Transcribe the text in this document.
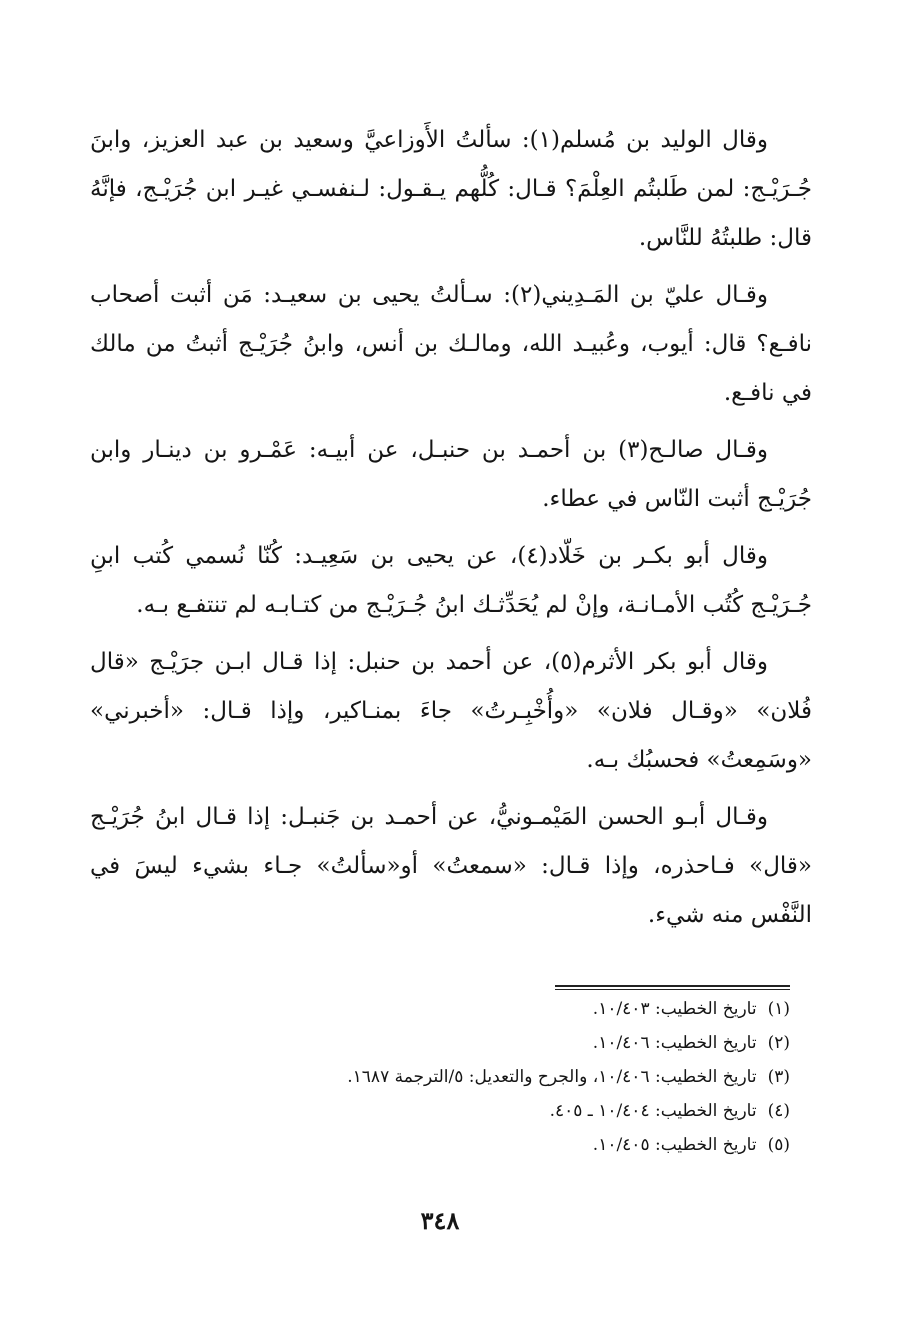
وقال الوليد بن مُسلم(١): سألتُ الأَوزاعيَّ وسعيد بن عبد العزيز، وابنَ جُـرَيْـج: لمن طَلبتُم العِلْمَ؟ قـال: كُلُّهم يـقـول: لـنفسـي غيـر ابن جُرَيْـج، فإنَّهُ قال: طلبتُهُ للنَّاس.

وقـال عليّ بن المَـدِيني(٢): سـألتُ يحيى بن سعيـد: مَن أثبت أصحاب نافـع؟ قال: أيوب، وعُبيـد الله، ومالـك بن أنس، وابنُ جُرَيْـج أثبتُ من مالك في نافـع.

وقـال صالـح(٣) بن أحمـد بن حنبـل، عن أبيـه: عَمْـرو بن دينـار وابن جُرَيْـج أثبت النّاس في عطاء.

وقال أبو بكـر بن خَلّاد(٤)، عن يحيى بن سَعِيـد: كُنّا نُسمي كُتب ابنِ جُـرَيْـج كُتُب الأمـانـة، وإنْ لم يُحَدِّثـك ابنُ جُـرَيْـج من كتـابـه لم تنتفـع بـه.

وقال أبو بكر الأثرم(٥)، عن أحمد بن حنبل: إذا قـال ابـن جرَيْـج «قال فُلان» «وقـال فلان» «وأُخْبِـرتُ» جاءَ بمنـاكير، وإذا قـال: «أخبرني» «وسَمِعتُ» فحسبُك بـه.

وقـال أبـو الحسن المَيْمـونيُّ، عن أحمـد بن جَنبـل: إذا قـال ابنُ جُرَيْـج «قال» فـاحذره، وإذا قـال: «سمعتُ» أو«سألتُ» جـاء بشيء ليسَ في النَّفْس منه شيء.

(١) تاريخ الخطيب: ١٠/٤٠٣.

(٢) تاريخ الخطيب: ١٠/٤٠٦.

(٣) تاريخ الخطيب: ١٠/٤٠٦، والجرح والتعديل: ٥/الترجمة ١٦٨٧.

(٤) تاريخ الخطيب: ١٠/٤٠٤ ـ ٤٠٥.

(٥) تاريخ الخطيب: ١٠/٤٠٥.

٣٤٨
